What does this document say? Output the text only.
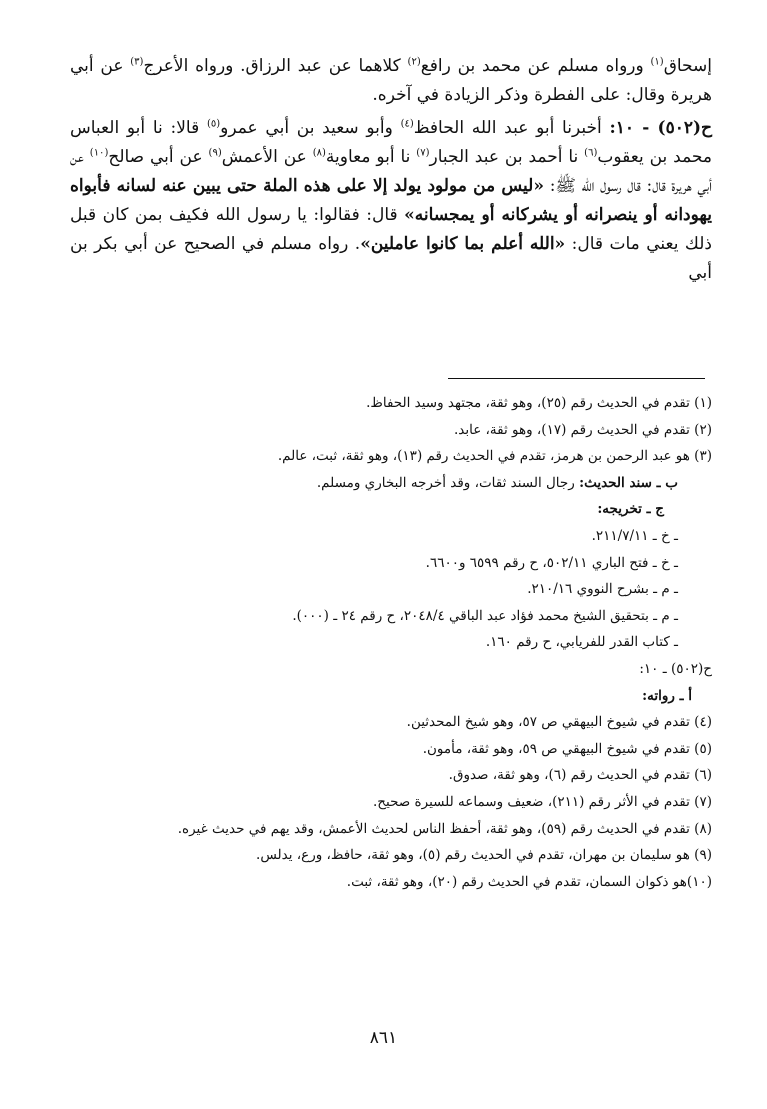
إسحاق$^{(١)}$ ورواه مسلم عن محمد بن رافع$^{(٢)}$ كلاهما عن عبد الرزاق. ورواه الأعرج$^{(٣)}$ عن أبي هريرة وقال: على الفطرة وذكر الزيادة في آخره.

ح(٥٠٢) - ١٠: أخبرنا أبو عبد الله الحافظ$^{(٤)}$ وأبو سعيد بن أبي عمرو$^{(٥)}$ قالا: نا أبو العباس محمد بن يعقوب$^{(٦)}$ نا أحمد بن عبد الجبار$^{(٧)}$ نا أبو معاوية$^{(٨)}$ عن الأعمش$^{(٩)}$ عن أبي صالح$^{(١٠)}$ عن أبي هريرة قال: قال رسول الله ﷺ: «ليس من مولود يولد إلا على هذه الملة حتى يبين عنه لسانه فأبواه يهودانه أو ينصرانه أو يشركانه أو يمجسانه» قال: فقالوا: يا رسول الله فكيف بمن كان قبل ذلك يعني مات قال: «الله أعلم بما كانوا عاملين». رواه مسلم في الصحيح عن أبي بكر بن أبي

(١) تقدم في الحديث رقم (٢٥)، وهو ثقة، مجتهد وسيد الحفاظ.

(٢) تقدم في الحديث رقم (١٧)، وهو ثقة، عابد.

(٣) هو عبد الرحمن بن هرمز، تقدم في الحديث رقم (١٣)، وهو ثقة، ثبت، عالم.

ب ـ سند الحديث: رجال السند ثقات، وقد أخرجه البخاري ومسلم.

ج ـ تخريجه:

ـ خ ـ ٢١١/٧/١١.

ـ خ ـ فتح الباري ٥٠٢/١١، ح رقم ٦٥٩٩ و٦٦٠٠.

ـ م ـ بشرح النووي ٢١٠/١٦.

ـ م ـ بتحقيق الشيخ محمد فؤاد عبد الباقي ٢٠٤٨/٤، ح رقم ٢٤ ـ (٠٠٠).

ـ كتاب القدر للفريابي، ح رقم ١٦٠.

ح(٥٠٢) ـ ١٠:

أ ـ رواته:

(٤) تقدم في شيوخ البيهقي ص ٥٧، وهو شيخ المحدثين.

(٥) تقدم في شيوخ البيهقي ص ٥٩، وهو ثقة، مأمون.

(٦) تقدم في الحديث رقم (٦)، وهو ثقة، صدوق.

(٧) تقدم في الأثر رقم (٢١١)، ضعيف وسماعه للسيرة صحيح.

(٨) تقدم في الحديث رقم (٥٩)، وهو ثقة، أحفظ الناس لحديث الأعمش، وقد يهم في حديث غيره.

(٩) هو سليمان بن مهران، تقدم في الحديث رقم (٥)، وهو ثقة، حافظ، ورع، يدلس.

(١٠)هو ذكوان السمان، تقدم في الحديث رقم (٢٠)، وهو ثقة، ثبت.

٨٦١
